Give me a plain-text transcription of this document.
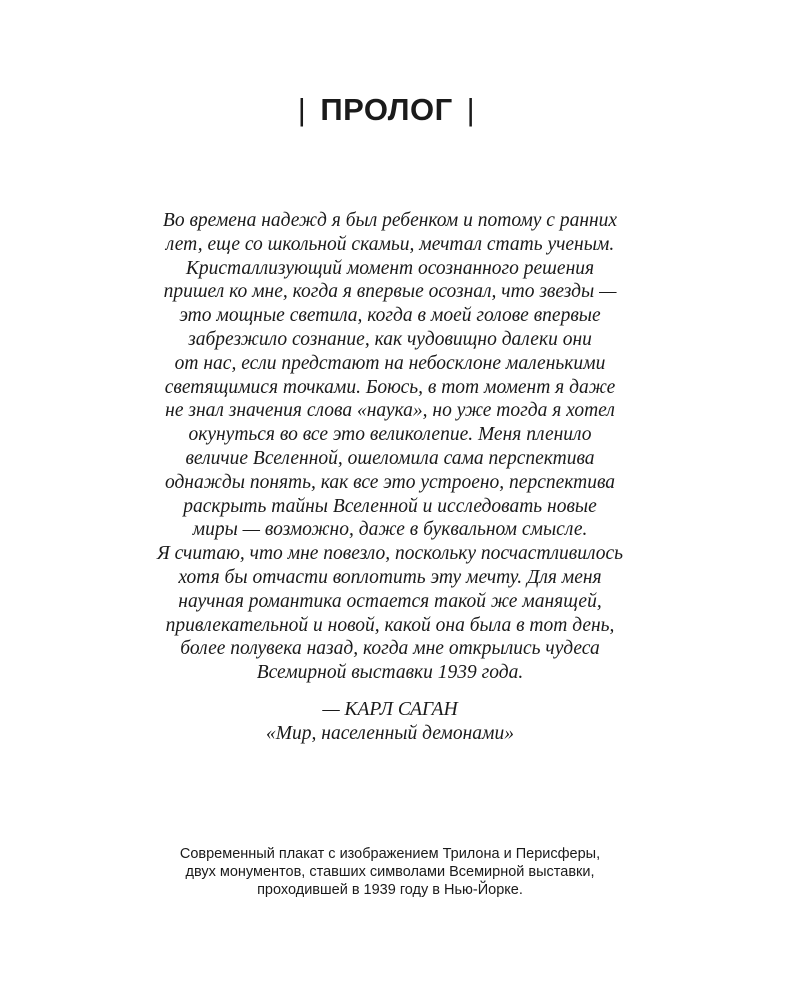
| ПРОЛОГ |
Во времена надежд я был ребенком и потому с ранних
лет, еще со школьной скамьи, мечтал стать ученым.
Кристаллизующий момент осознанного решения
пришел ко мне, когда я впервые осознал, что звезды —
это мощные светила, когда в моей голове впервые
забрезжило сознание, как чудовищно далеки они
от нас, если предстают на небосклоне маленькими
светящимися точками. Боюсь, в тот момент я даже
не знал значения слова «наука», но уже тогда я хотел
окунуться во все это великолепие. Меня пленило
величие Вселенной, ошеломила сама перспектива
однажды понять, как все это устроено, перспектива
раскрыть тайны Вселенной и исследовать новые
миры — возможно, даже в буквальном смысле.
Я считаю, что мне повезло, поскольку посчастливилось
хотя бы отчасти воплотить эту мечту. Для меня
научная романтика остается такой же манящей,
привлекательной и новой, какой она была в тот день,
более полувека назад, когда мне открылись чудеса
Всемирной выставки 1939 года.
— КАРЛ САГАН
«Мир, населенный демонами»
Современный плакат с изображением Трилона и Перисферы,
двух монументов, ставших символами Всемирной выставки,
проходившей в 1939 году в Нью-Йорке.
